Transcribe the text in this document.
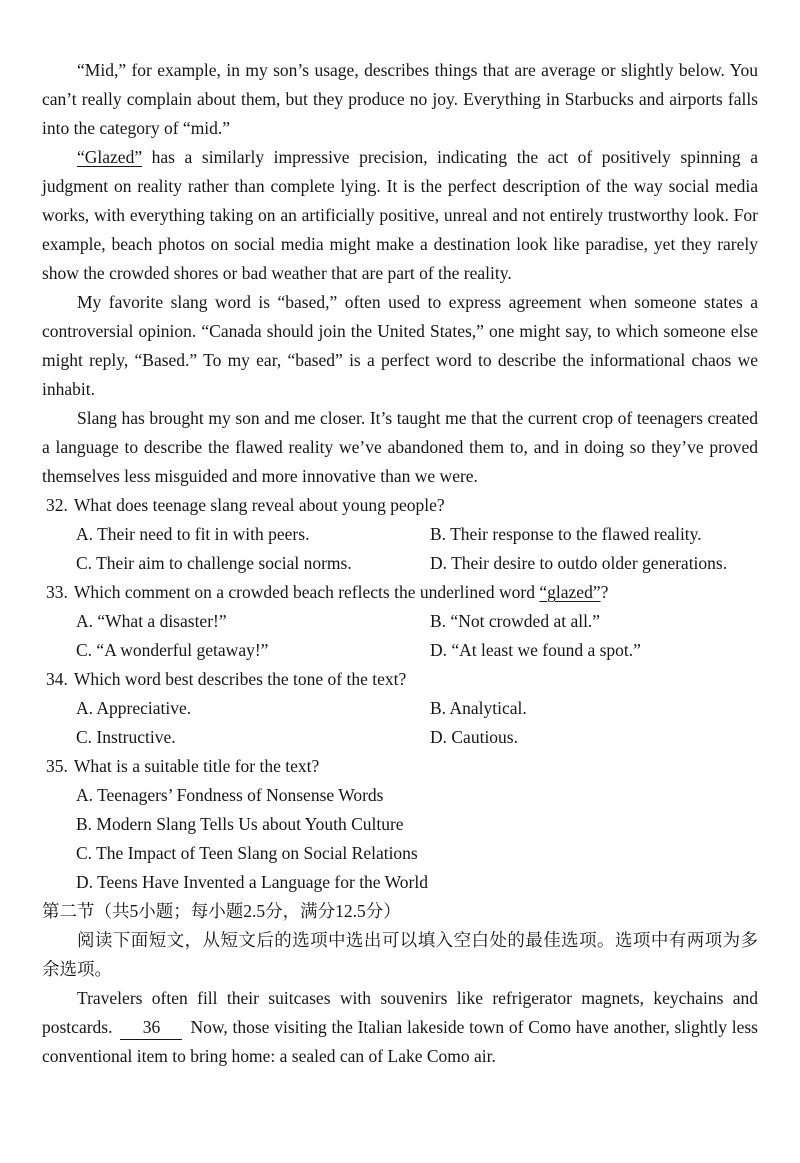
“Mid,” for example, in my son’s usage, describes things that are average or slightly below. You can’t really complain about them, but they produce no joy. Everything in Starbucks and airports falls into the category of “mid.”

“Glazed” has a similarly impressive precision, indicating the act of positively spinning a judgment on reality rather than complete lying. It is the perfect description of the way social media works, with everything taking on an artificially positive, unreal and not entirely trustworthy look. For example, beach photos on social media might make a destination look like paradise, yet they rarely show the crowded shores or bad weather that are part of the reality.

My favorite slang word is “based,” often used to express agreement when someone states a controversial opinion. “Canada should join the United States,” one might say, to which someone else might reply, “Based.” To my ear, “based” is a perfect word to describe the informational chaos we inhabit.

Slang has brought my son and me closer. It’s taught me that the current crop of teenagers created a language to describe the flawed reality we’ve abandoned them to, and in doing so they’ve proved themselves less misguided and more innovative than we were.

32. What does teenage slang reveal about young people?

A. Their need to fit in with peers.	B. Their response to the flawed reality.
C. Their aim to challenge social norms.	D. Their desire to outdo older generations.

33. Which comment on a crowded beach reflects the underlined word “glazed”?

A. “What a disaster!”	B. “Not crowded at all.”
C. “A wonderful getaway!”	D. “At least we found a spot.”

34. Which word best describes the tone of the text?

A. Appreciative.	B. Analytical.
C. Instructive.	D. Cautious.

35. What is a suitable title for the text?

A. Teenagers’ Fondness of Nonsense Words
B. Modern Slang Tells Us about Youth Culture
C. The Impact of Teen Slang on Social Relations
D. Teens Have Invented a Language for the World

第二节（共5小题；每小题2.5分，满分12.5分）

阅读下面短文，从短文后的选项中选出可以填入空白处的最佳选项。选项中有两项为多余选项。

Travelers often fill their suitcases with souvenirs like refrigerator magnets, keychains and postcards. 36 Now, those visiting the Italian lakeside town of Como have another, slightly less conventional item to bring home: a sealed can of Lake Como air.
